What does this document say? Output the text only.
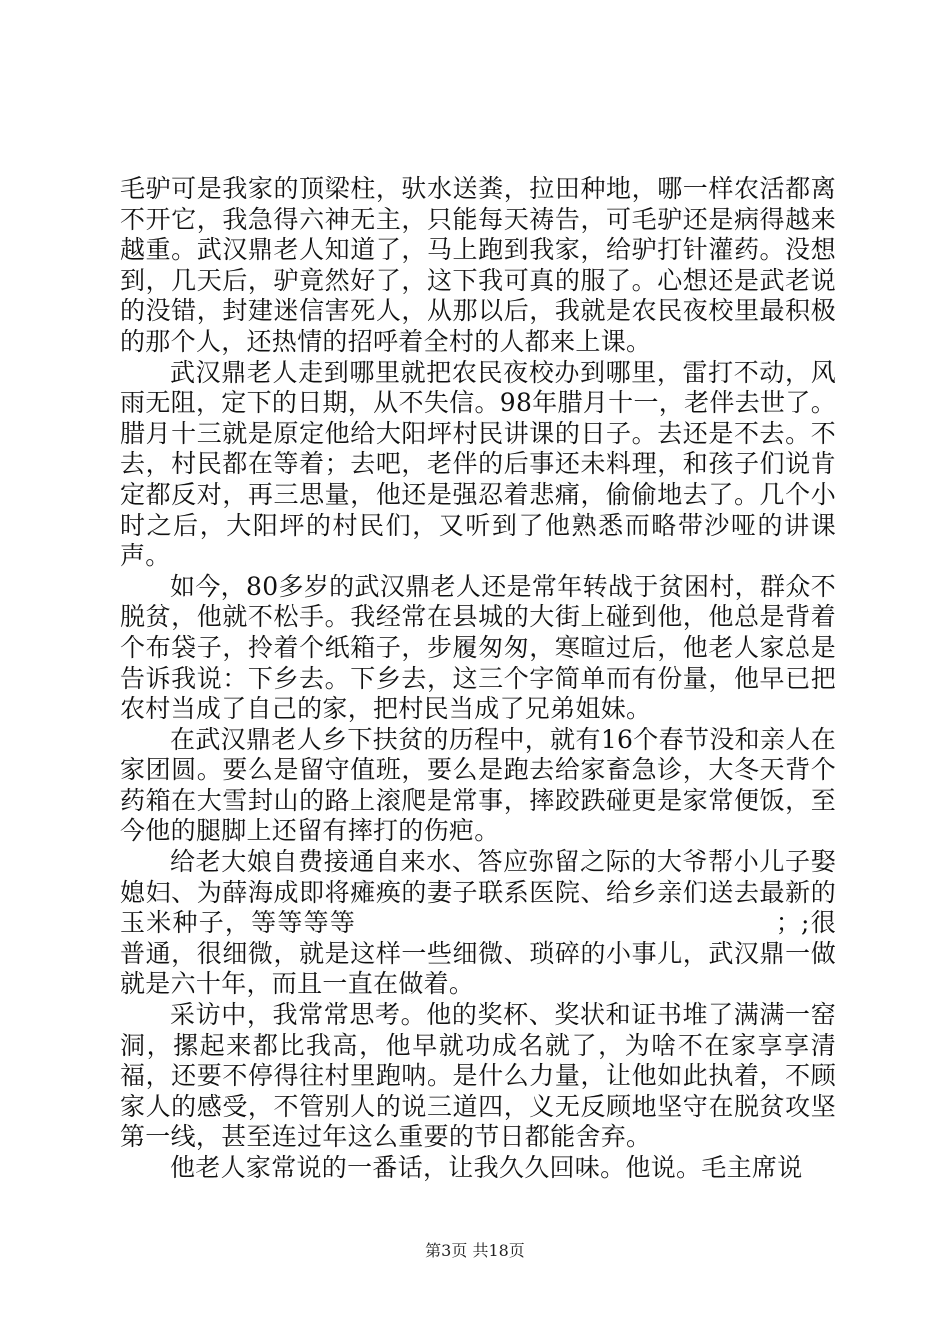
毛驴可是我家的顶梁柱，驮水送粪，拉田种地，哪一样农活都离不开它，我急得六神无主，只能每天祷告，可毛驴还是病得越来越重。武汉鼎老人知道了，马上跑到我家，给驴打针灌药。没想到，几天后，驴竟然好了，这下我可真的服了。心想还是武老说的没错，封建迷信害死人，从那以后，我就是农民夜校里最积极的那个人，还热情的招呼着全村的人都来上课。

武汉鼎老人走到哪里就把农民夜校办到哪里，雷打不动，风雨无阻，定下的日期，从不失信。98年腊月十一，老伴去世了。腊月十三就是原定他给大阳坪村民讲课的日子。去还是不去。不去，村民都在等着；去吧，老伴的后事还未料理，和孩子们说肯定都反对，再三思量，他还是强忍着悲痛，偷偷地去了。几个小时之后，大阳坪的村民们，又听到了他熟悉而略带沙哑的讲课声。

如今，80多岁的武汉鼎老人还是常年转战于贫困村，群众不脱贫，他就不松手。我经常在县城的大街上碰到他，他总是背着个布袋子，拎着个纸箱子，步履匆匆，寒暄过后，他老人家总是告诉我说：下乡去。下乡去，这三个字简单而有份量，他早已把农村当成了自己的家，把村民当成了兄弟姐妹。

在武汉鼎老人乡下扶贫的历程中，就有16个春节没和亲人在家团圆。要么是留守值班，要么是跑去给家畜急诊，大冬天背个药箱在大雪封山的路上滚爬是常事，摔跤跌碰更是家常便饭，至今他的腿脚上还留有摔打的伤疤。

给老大娘自费接通自来水、答应弥留之际的大爷帮小儿子娶媳妇、为薛海成即将瘫痪的妻子联系医院、给乡亲们送去最新的玉米种子，等等等等　　　　　　　　　　　　　　　　；;很普通，很细微，就是这样一些细微、琐碎的小事儿，武汉鼎一做就是六十年，而且一直在做着。

采访中，我常常思考。他的奖杯、奖状和证书堆了满满一窑洞，摞起来都比我高，他早就功成名就了，为啥不在家享享清福，还要不停得往村里跑呐。是什么力量，让他如此执着，不顾家人的感受，不管别人的说三道四，义无反顾地坚守在脱贫攻坚第一线，甚至连过年这么重要的节日都能舍弃。

他老人家常说的一番话，让我久久回味。他说。毛主席说

第3页 共18页
